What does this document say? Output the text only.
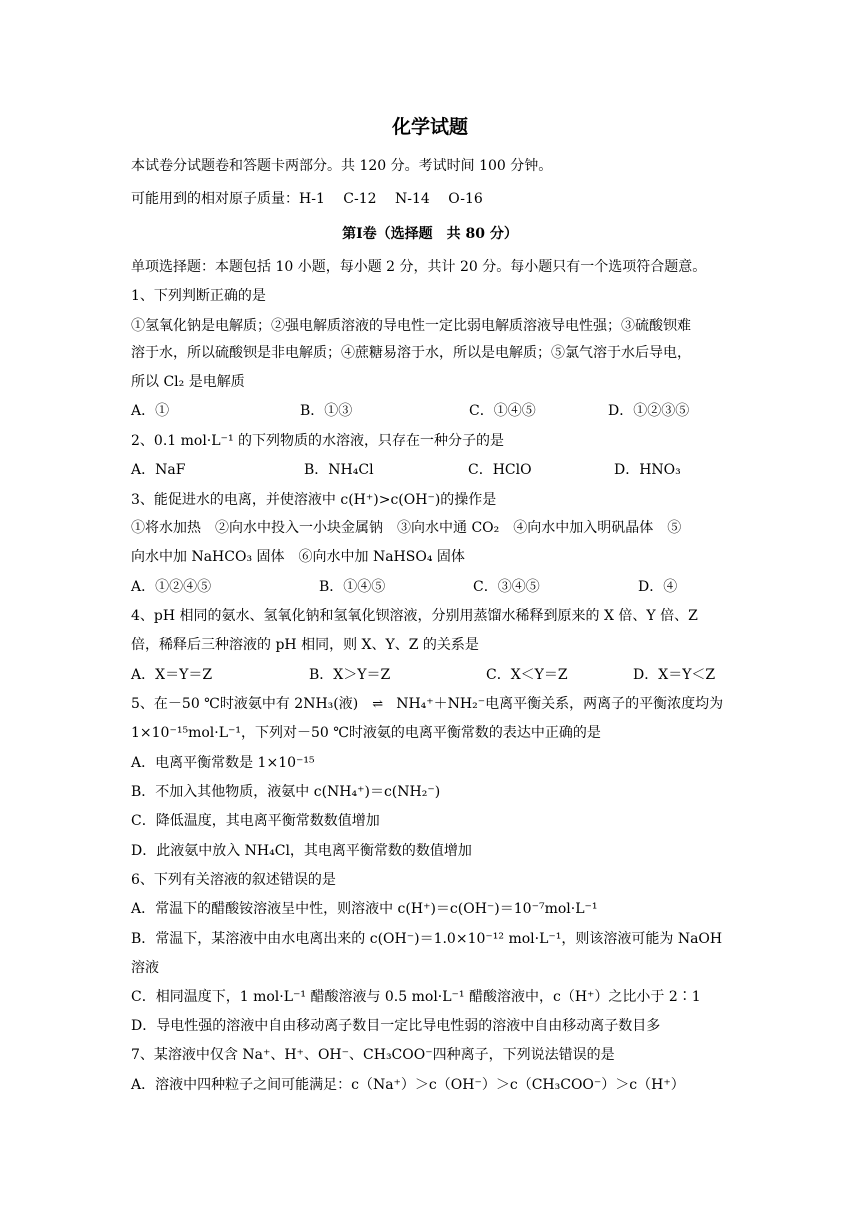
化学试题
本试卷分试题卷和答题卡两部分。共 120 分。考试时间 100 分钟。
可能用到的相对原子质量：H-1　 C-12　 N-14　 O-16
第Ⅰ卷（选择题　共 80 分）
单项选择题：本题包括 10 小题，每小题 2 分，共计 20 分。每小题只有一个选项符合题意。
1、下列判断正确的是
①氢氧化钠是电解质；②强电解质溶液的导电性一定比弱电解质溶液导电性强；③硫酸钡难
溶于水，所以硫酸钡是非电解质；④蔗糖易溶于水，所以是电解质；⑤氯气溶于水后导电，
所以 Cl₂ 是电解质
A．①	B．①③	C．①④⑤	D．①②③⑤
2、0.1 mol·L⁻¹ 的下列物质的水溶液，只存在一种分子的是
A．NaF	B．NH₄Cl	C．HClO	D．HNO₃
3、能促进水的电离，并使溶液中 c(H⁺)>c(OH⁻)的操作是
①将水加热　②向水中投入一小块金属钠　③向水中通 CO₂　④向水中加入明矾晶体　⑤
向水中加 NaHCO₃ 固体　⑥向水中加 NaHSO₄ 固体
A．①②④⑤	B．①④⑤	C．③④⑤	D．④
4、pH 相同的氨水、氢氧化钠和氢氧化钡溶液，分别用蒸馏水稀释到原来的 X 倍、Y 倍、Z
倍，稀释后三种溶液的 pH 相同，则 X、Y、Z 的关系是
A．X＝Y＝Z	B．X＞Y＝Z	C．X＜Y＝Z	D．X＝Y＜Z
5、在－50 ℃时液氨中有 2NH₃(液) ⇌ NH₄⁺＋NH₂⁻电离平衡关系，两离子的平衡浓度均为
1×10⁻¹⁵mol·L⁻¹，下列对－50 ℃时液氨的电离平衡常数的表达中正确的是
A．电离平衡常数是 1×10⁻¹⁵
B．不加入其他物质，液氨中 c(NH₄⁺)＝c(NH₂⁻)
C．降低温度，其电离平衡常数数值增加
D．此液氨中放入 NH₄Cl，其电离平衡常数的数值增加
6、下列有关溶液的叙述错误的是
A．常温下的醋酸铵溶液呈中性，则溶液中 c(H⁺)＝c(OH⁻)＝10⁻⁷mol·L⁻¹
B．常温下，某溶液中由水电离出来的 c(OH⁻)＝1.0×10⁻¹² mol·L⁻¹，则该溶液可能为 NaOH
溶液
C．相同温度下，1 mol·L⁻¹ 醋酸溶液与 0.5 mol·L⁻¹ 醋酸溶液中，c（H⁺）之比小于 2∶1
D．导电性强的溶液中自由移动离子数目一定比导电性弱的溶液中自由移动离子数目多
7、某溶液中仅含 Na⁺、H⁺、OH⁻、CH₃COO⁻四种离子，下列说法错误的是
A．溶液中四种粒子之间可能满足：c（Na⁺）＞c（OH⁻）＞c（CH₃COO⁻）＞c（H⁺）
